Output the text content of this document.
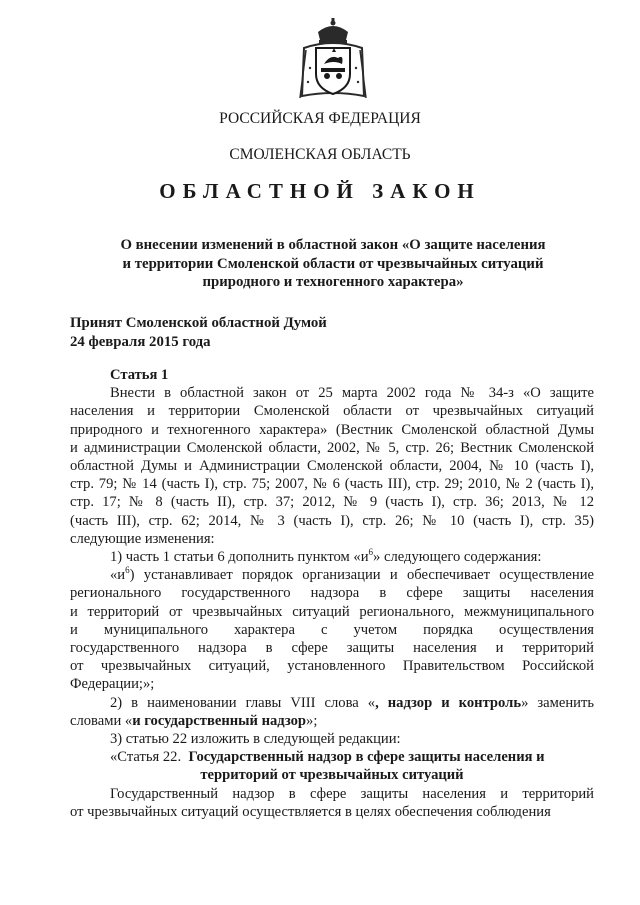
РОССИЙСКАЯ ФЕДЕРАЦИЯ
СМОЛЕНСКАЯ ОБЛАСТЬ
ОБЛАСТНОЙ ЗАКОН
О внесении изменений в областной закон «О защите населения
и территории Смоленской области от чрезвычайных ситуаций
природного и техногенного характера»
Принят Смоленской областной Думой
24 февраля 2015 года
Статья 1

Внести в областной закон от 25 марта 2002 года № 34-з «О защите

населения и территории Смоленской области от чрезвычайных ситуаций

природного и техногенного характера» (Вестник Смоленской областной Думы

и администрации Смоленской области, 2002, № 5, стр. 26; Вестник Смоленской

областной Думы и Администрации Смоленской области, 2004, № 10 (часть I),

стр. 79; № 14 (часть I), стр. 75; 2007, № 6 (часть III), стр. 29; 2010, № 2 (часть I),

стр. 17; № 8 (часть II), стр. 37; 2012, № 9 (часть I), стр. 36; 2013, № 12

(часть III), стр. 62; 2014, № 3 (часть I), стр. 26; № 10 (часть I), стр. 35)

следующие изменения:

1) часть 1 статьи 6 дополнить пунктом «$и^6$» следующего содержания:

«$и^6$) устанавливает порядок организации и обеспечивает осуществление

регионального государственного надзора в сфере защиты населения

и территорий от чрезвычайных ситуаций регионального, межмуниципального

и муниципального характера с учетом порядка осуществления

государственного надзора в сфере защиты населения и территорий

от чрезвычайных ситуаций, установленного Правительством Российской

Федерации;»;

2) в наименовании главы VIII слова «, надзор и контроль» заменить

словами «и государственный надзор»;

3) статью 22 изложить в следующей редакции:

«Статья 22. Государственный надзор в сфере защиты населения и

территорий от чрезвычайных ситуаций

Государственный надзор в сфере защиты населения и территорий

от чрезвычайных ситуаций осуществляется в целях обеспечения соблюдения
